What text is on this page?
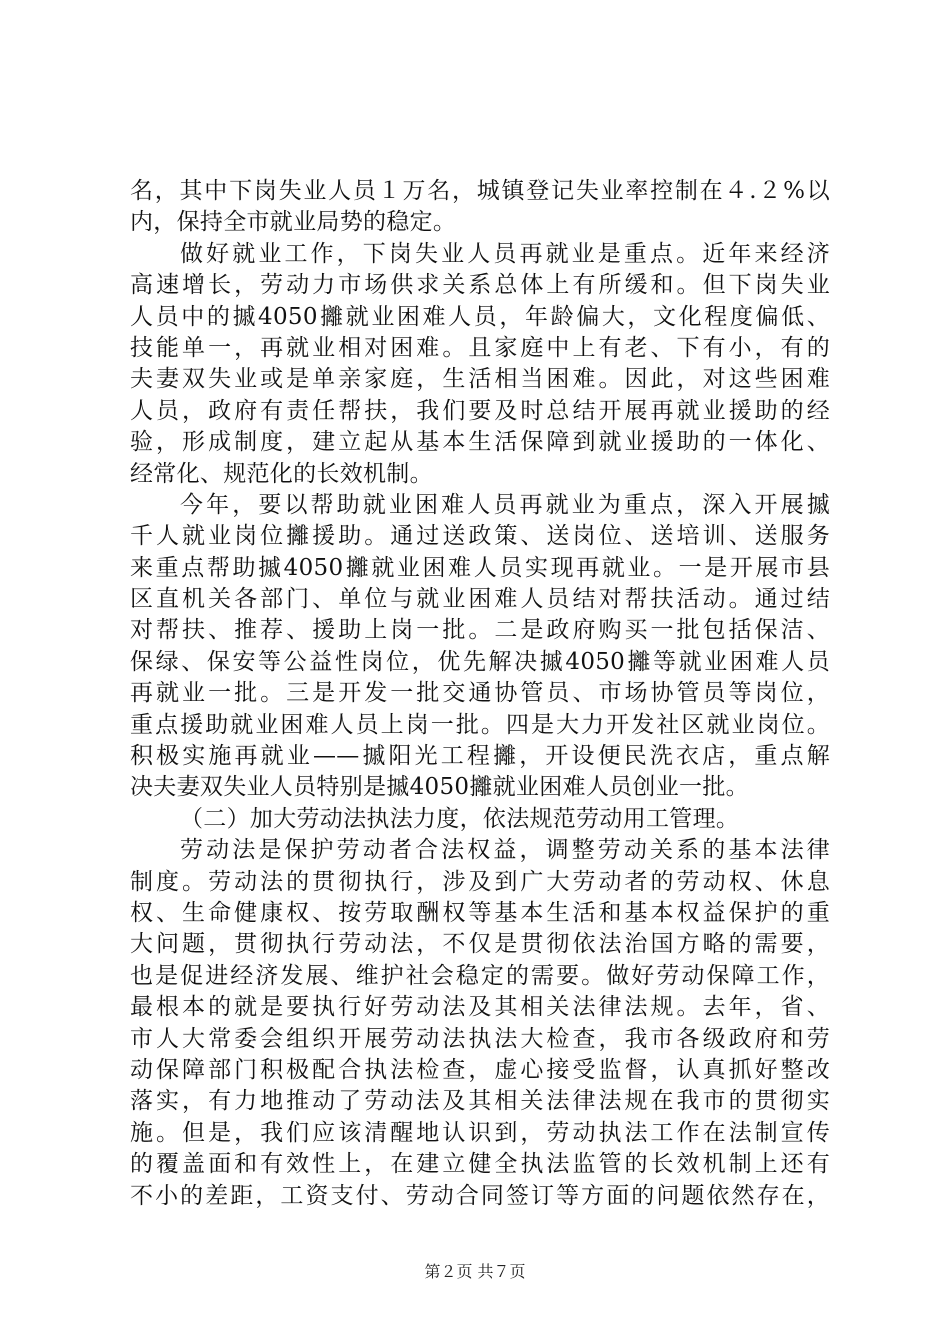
名，其中下岗失业人员１万名，城镇登记失业率控制在４.２%以
内，保持全市就业局势的稳定。
做好就业工作，下岗失业人员再就业是重点。近年来经济
高速增长，劳动力市场供求关系总体上有所缓和。但下岗失业
人员中的摵4050攡就业困难人员，年龄偏大，文化程度偏低、
技能单一，再就业相对困难。且家庭中上有老、下有小，有的
夫妻双失业或是单亲家庭，生活相当困难。因此，对这些困难
人员，政府有责任帮扶，我们要及时总结开展再就业援助的经
验，形成制度，建立起从基本生活保障到就业援助的一体化、
经常化、规范化的长效机制。
今年，要以帮助就业困难人员再就业为重点，深入开展摵
千人就业岗位攡援助。通过送政策、送岗位、送培训、送服务
来重点帮助摵4050攡就业困难人员实现再就业。一是开展市县
区直机关各部门、单位与就业困难人员结对帮扶活动。通过结
对帮扶、推荐、援助上岗一批。二是政府购买一批包括保洁、
保绿、保安等公益性岗位，优先解决摵4050攡等就业困难人员
再就业一批。三是开发一批交通协管员、市场协管员等岗位，
重点援助就业困难人员上岗一批。四是大力开发社区就业岗位。
积极实施再就业——摵阳光工程攡，开设便民洗衣店，重点解
决夫妻双失业人员特别是摵4050攡就业困难人员创业一批。
（二）加大劳动法执法力度，依法规范劳动用工管理。
劳动法是保护劳动者合法权益，调整劳动关系的基本法律
制度。劳动法的贯彻执行，涉及到广大劳动者的劳动权、休息
权、生命健康权、按劳取酬权等基本生活和基本权益保护的重
大问题，贯彻执行劳动法，不仅是贯彻依法治国方略的需要，
也是促进经济发展、维护社会稳定的需要。做好劳动保障工作，
最根本的就是要执行好劳动法及其相关法律法规。去年，省、
市人大常委会组织开展劳动法执法大检查，我市各级政府和劳
动保障部门积极配合执法检查，虚心接受监督，认真抓好整改
落实，有力地推动了劳动法及其相关法律法规在我市的贯彻实
施。但是，我们应该清醒地认识到，劳动执法工作在法制宣传
的覆盖面和有效性上，在建立健全执法监管的长效机制上还有
不小的差距，工资支付、劳动合同签订等方面的问题依然存在，
第２页 共７页
